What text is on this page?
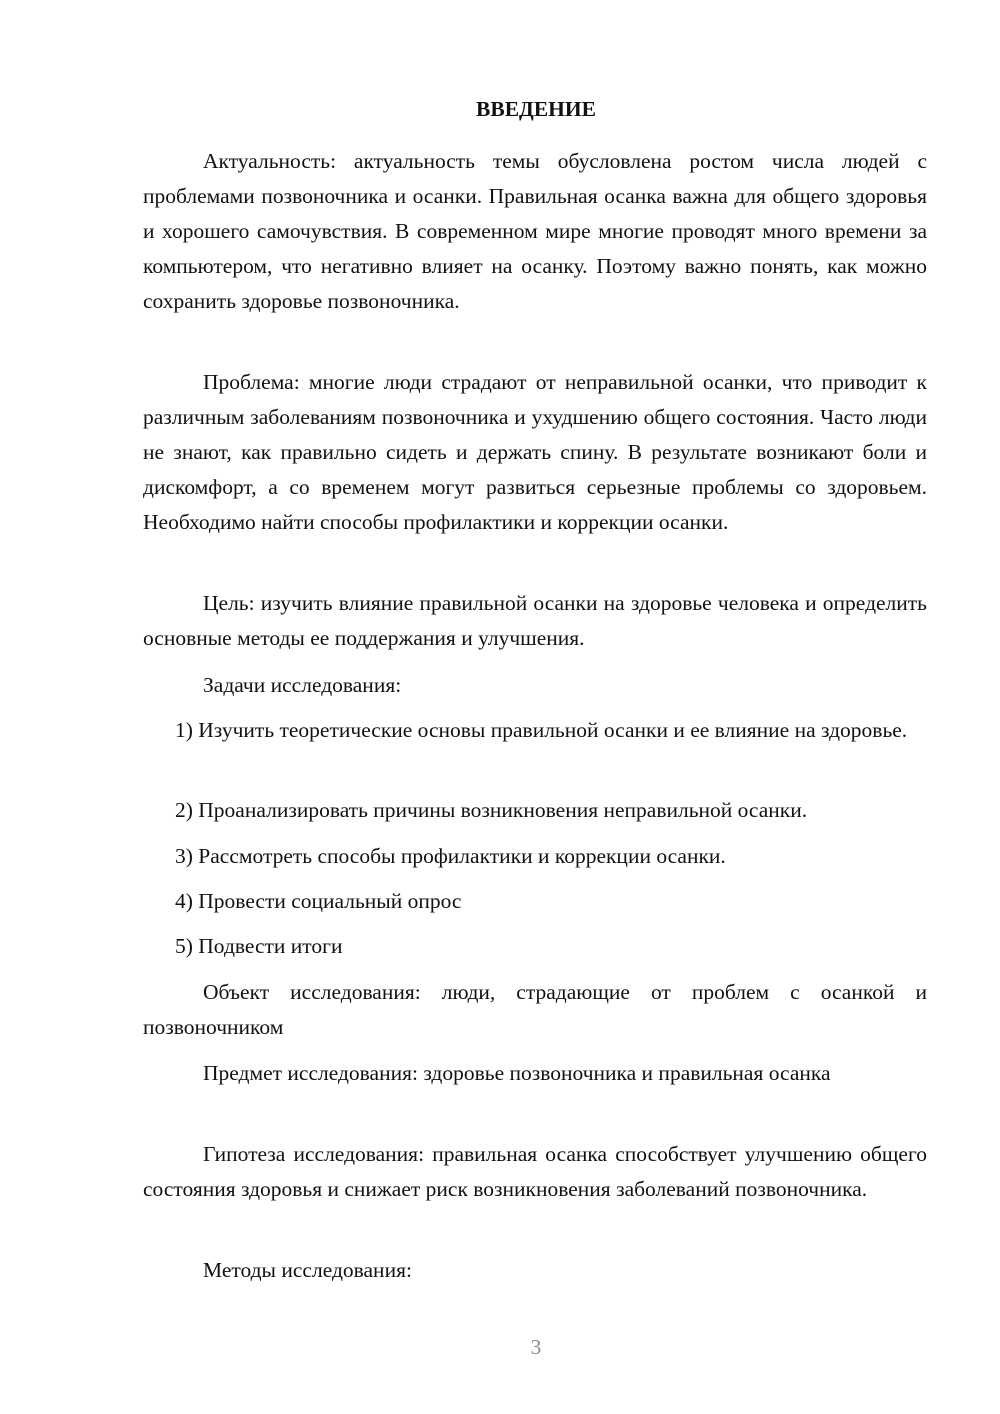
ВВЕДЕНИЕ
Актуальность: актуальность темы обусловлена ростом числа людей с проблемами позвоночника и осанки. Правильная осанка важна для общего здоровья и хорошего самочувствия. В современном мире многие проводят много времени за компьютером, что негативно влияет на осанку. Поэтому важно понять, как можно сохранить здоровье позвоночника.
Проблема: многие люди страдают от неправильной осанки, что приводит к различным заболеваниям позвоночника и ухудшению общего состояния. Часто люди не знают, как правильно сидеть и держать спину. В результате возникают боли и дискомфорт, а со временем могут развиться серьезные проблемы со здоровьем. Необходимо найти способы профилактики и коррекции осанки.
Цель: изучить влияние правильной осанки на здоровье человека и определить основные методы ее поддержания и улучшения.
Задачи исследования:
1) Изучить теоретические основы правильной осанки и ее влияние на здоровье.
2) Проанализировать причины возникновения неправильной осанки.
3) Рассмотреть способы профилактики и коррекции осанки.
4) Провести социальный опрос
5) Подвести итоги
Объект исследования: люди, страдающие от проблем с осанкой и позвоночником
Предмет исследования: здоровье позвоночника и правильная осанка
Гипотеза исследования: правильная осанка способствует улучшению общего состояния здоровья и снижает риск возникновения заболеваний позвоночника.
Методы исследования:
3
